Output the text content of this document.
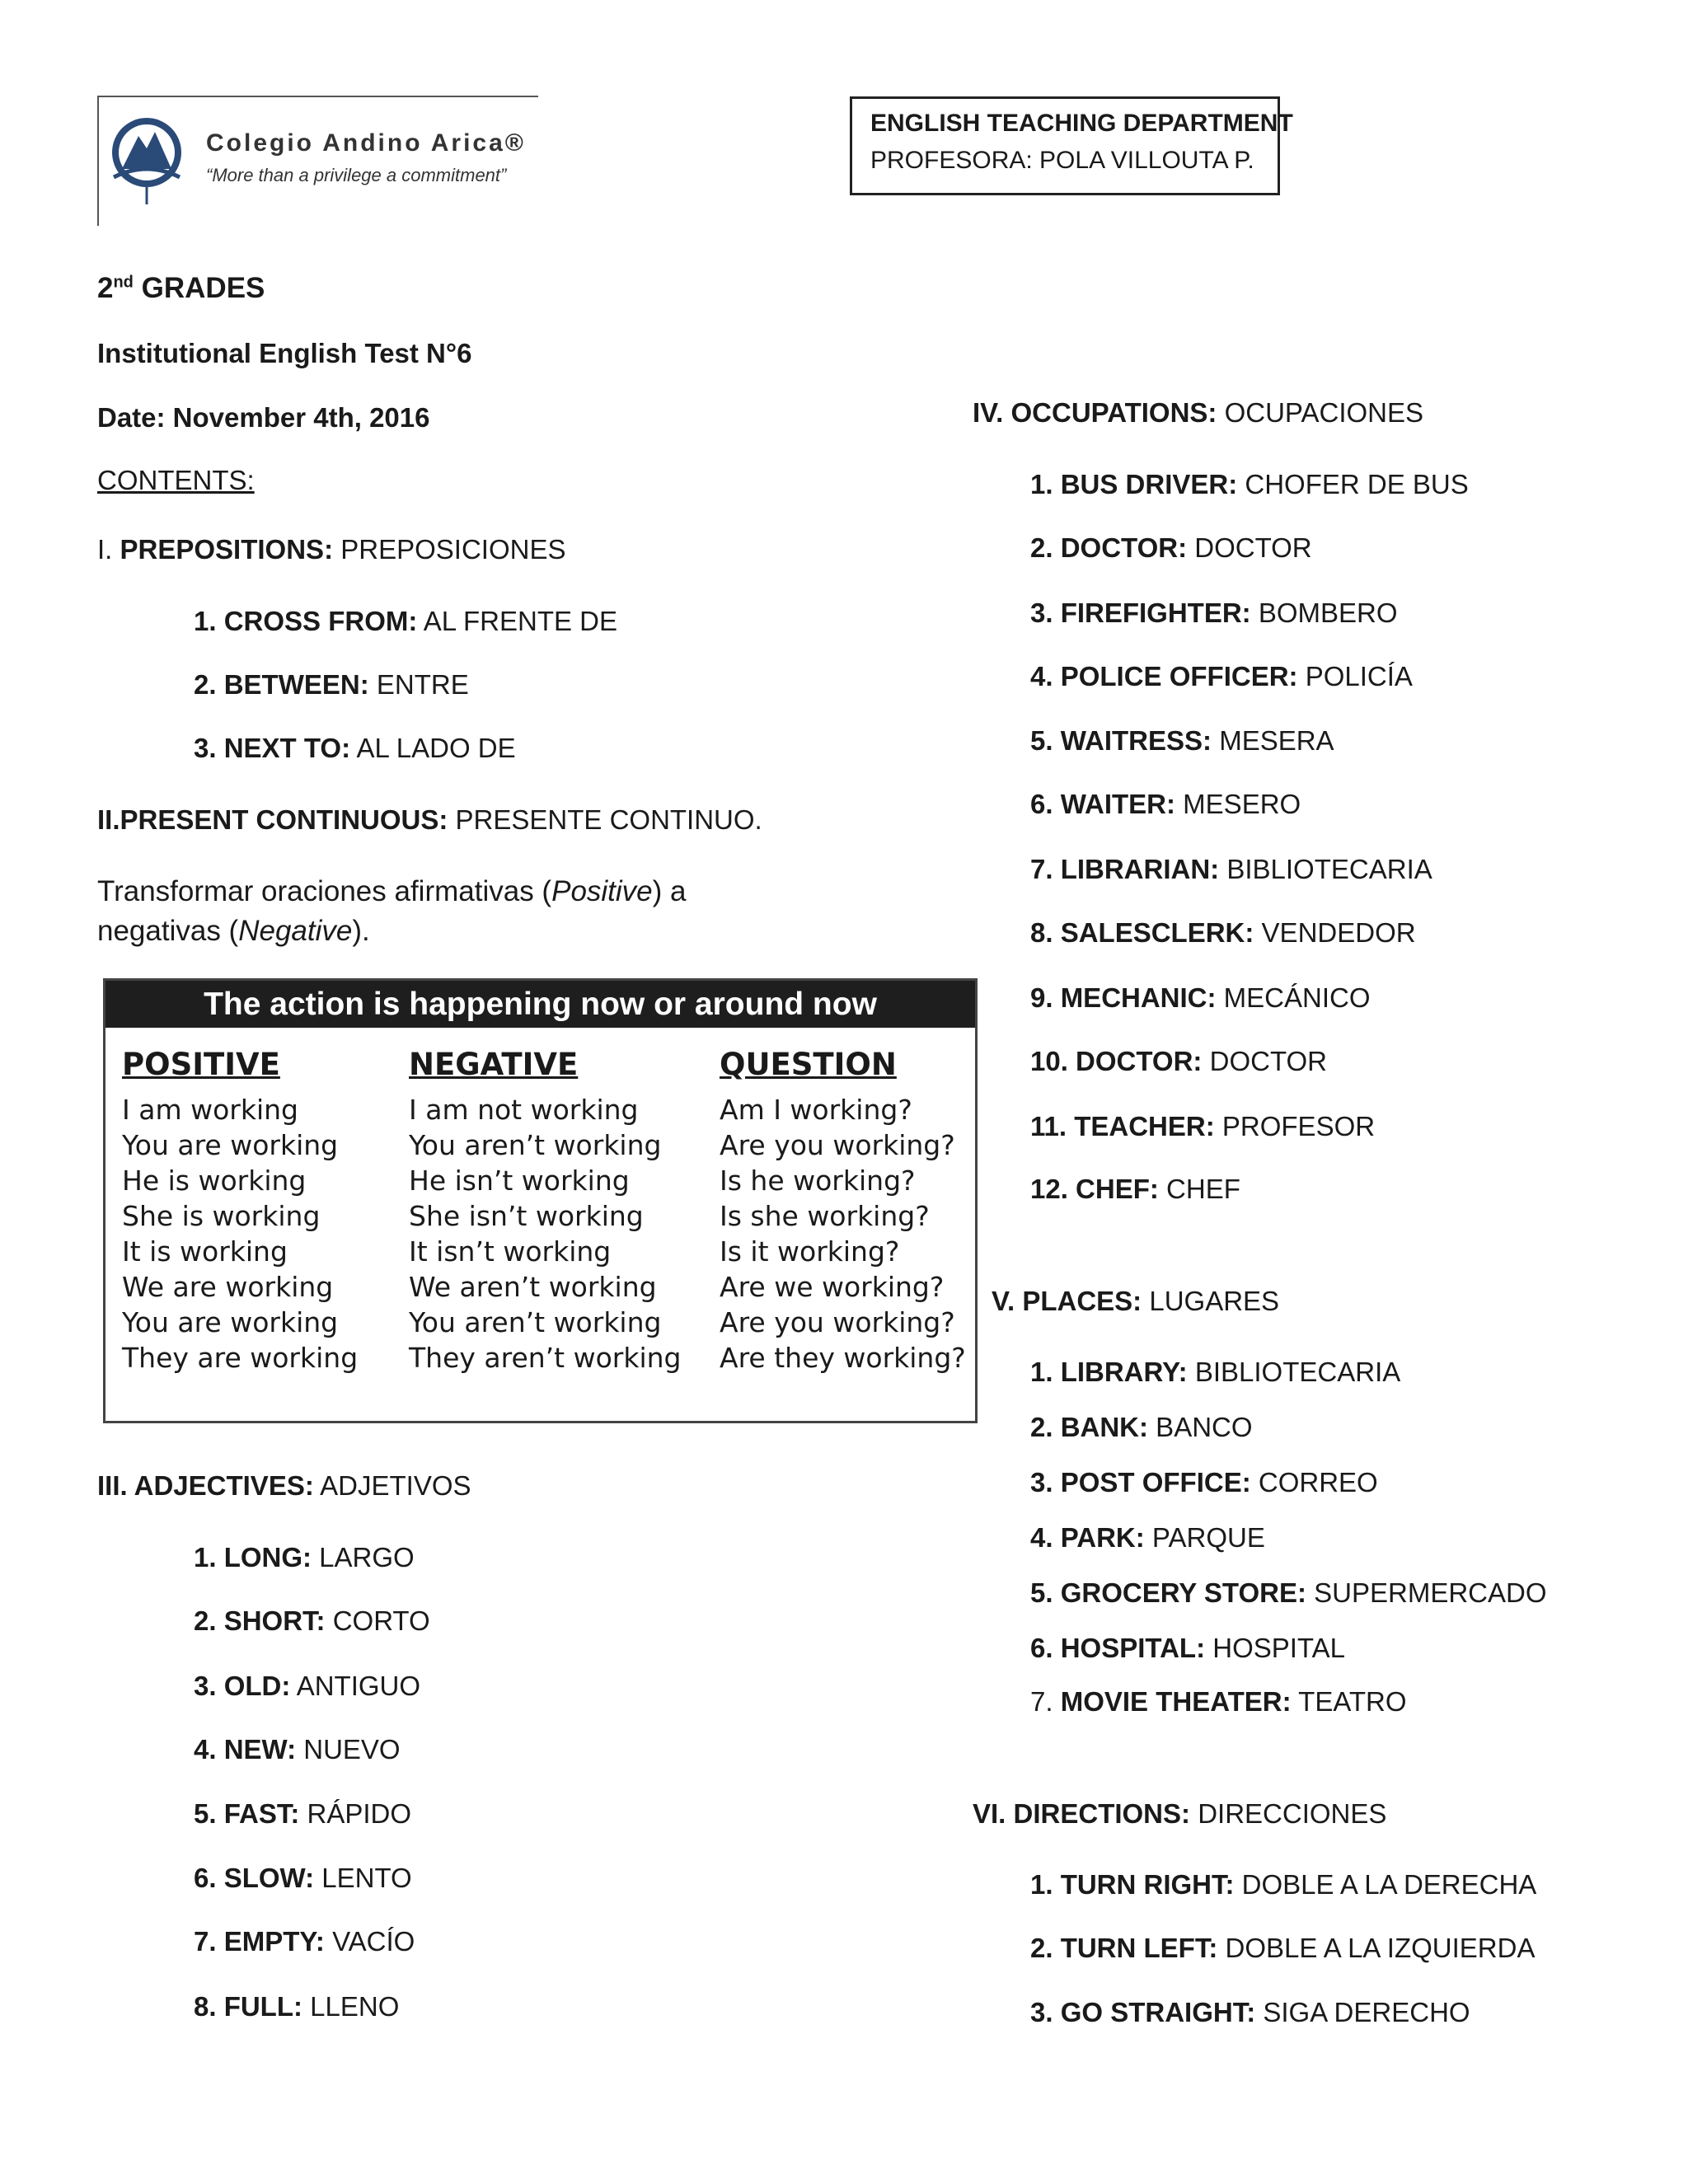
Colegio Andino Arica®
“More than a privilege a commitment”
ENGLISH TEACHING DEPARTMENT
PROFESORA: POLA VILLOUTA P.
2nd GRADES
Institutional English Test N°6
Date: November 4th, 2016
CONTENTS:
I. PREPOSITIONS: PREPOSICIONES
1. CROSS FROM: AL FRENTE DE
2. BETWEEN: ENTRE
3. NEXT TO: AL LADO DE
II.PRESENT CONTINUOUS: PRESENTE CONTINUO.
Transformar oraciones afirmativas (Positive) a
negativas (Negative).
The action is happening now or around now
POSITIVE
I am working
You are working
He is working
She is working
It is working
We are working
You are working
They are working
NEGATIVE
I am not working
You aren’t working
He isn’t working
She isn’t working
It isn’t working
We aren’t working
You aren’t working
They aren’t working
QUESTION
Am I working?
Are you working?
Is he working?
Is she working?
Is it working?
Are we working?
Are you working?
Are they working?
III. ADJECTIVES: ADJETIVOS
1. LONG: LARGO
2. SHORT: CORTO
3. OLD: ANTIGUO
4. NEW: NUEVO
5. FAST: RÁPIDO
6. SLOW: LENTO
7. EMPTY: VACÍO
8. FULL: LLENO
IV. OCCUPATIONS: OCUPACIONES
1. BUS DRIVER: CHOFER DE BUS
2. DOCTOR: DOCTOR
3. FIREFIGHTER: BOMBERO
4. POLICE OFFICER: POLICÍA
5. WAITRESS: MESERA
6. WAITER: MESERO
7. LIBRARIAN: BIBLIOTECARIA
8. SALESCLERK: VENDEDOR
9. MECHANIC: MECÁNICO
10. DOCTOR: DOCTOR
11. TEACHER: PROFESOR
12. CHEF: CHEF
V. PLACES: LUGARES
1. LIBRARY: BIBLIOTECARIA
2. BANK: BANCO
3. POST OFFICE: CORREO
4. PARK: PARQUE
5. GROCERY STORE: SUPERMERCADO
6. HOSPITAL: HOSPITAL
7. MOVIE THEATER: TEATRO
VI. DIRECTIONS: DIRECCIONES
1. TURN RIGHT: DOBLE A LA DERECHA
2. TURN LEFT: DOBLE A LA IZQUIERDA
3. GO STRAIGHT: SIGA DERECHO
